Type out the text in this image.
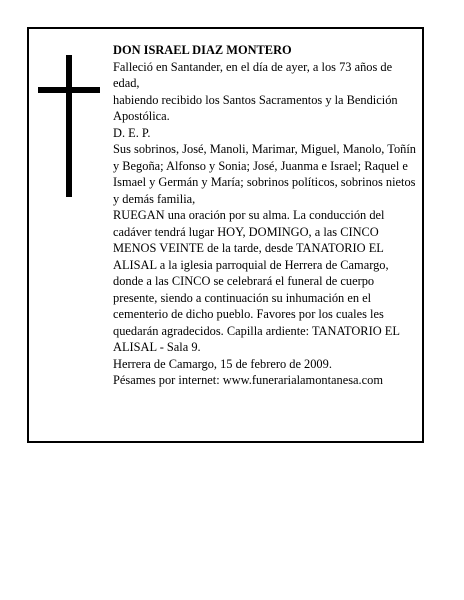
DON ISRAEL DIAZ MONTERO

Falleció en Santander, en el día de ayer, a los 73 años de edad,

habiendo recibido los Santos Sacramentos y la Bendición Apostólica.

D. E. P.

Sus sobrinos, José, Manoli, Marimar, Miguel, Manolo, Toñín y Begoña; Alfonso y Sonia; José, Juanma e Israel; Raquel e Ismael y Germán y María; sobrinos políticos, sobrinos nietos y demás familia,

RUEGAN una oración por su alma. La conducción del cadáver tendrá lugar HOY, DOMINGO, a las CINCO MENOS VEINTE de la tarde, desde TANATORIO EL ALISAL a la iglesia parroquial de Herrera de Camargo, donde a las CINCO se celebrará el funeral de cuerpo presente, siendo a continuación su inhumación en el cementerio de dicho pueblo. Favores por los cuales les quedarán agradecidos. Capilla ardiente: TANATORIO EL ALISAL - Sala 9.

Herrera de Camargo, 15 de febrero de 2009.

Pésames por internet: www.funerarialamontanesa.com
